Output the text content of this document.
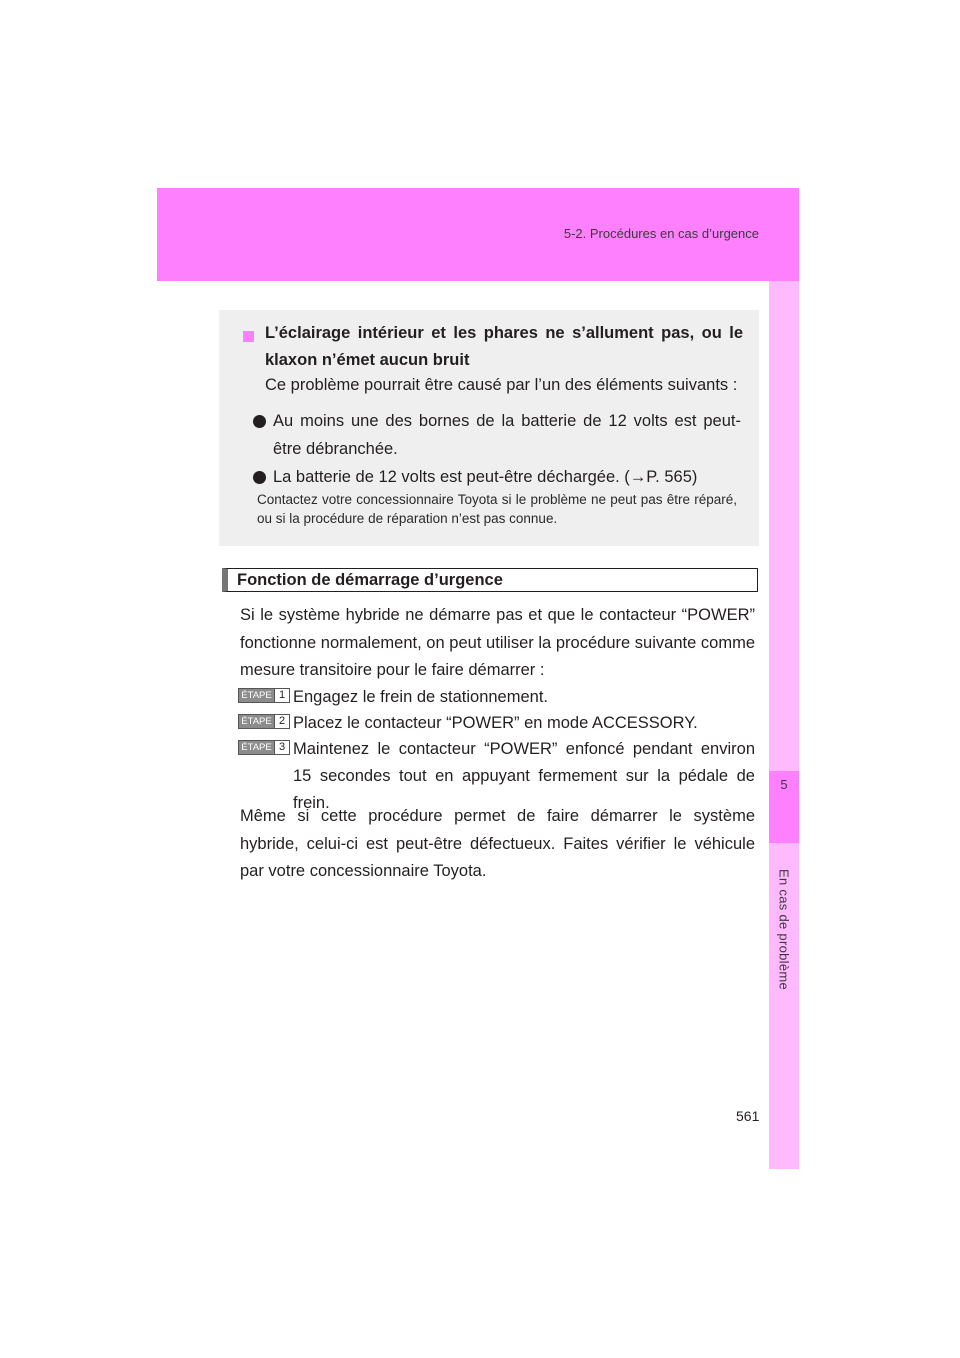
5-2. Procédures en cas d’urgence
5
En cas de problème
L’éclairage intérieur et les phares ne s’allument pas, ou le klaxon n’émet aucun bruit
Ce problème pourrait être causé par l’un des éléments suivants :
Au moins une des bornes de la batterie de 12 volts est peut-être débranchée.
La batterie de 12 volts est peut-être déchargée. (→P. 565)
Contactez votre concessionnaire Toyota si le problème ne peut pas être réparé, ou si la procédure de réparation n’est pas connue.
Fonction de démarrage d’urgence
Si le système hybride ne démarre pas et que le contacteur “POWER” fonctionne normalement, on peut utiliser la procédure suivante comme mesure transitoire pour le faire démarrer :
ÉTAPE 1 Engagez le frein de stationnement.
ÉTAPE 2 Placez le contacteur “POWER” en mode ACCESSORY.
ÉTAPE 3 Maintenez le contacteur “POWER” enfoncé pendant environ 15 secondes tout en appuyant fermement sur la pédale de frein.
Même si cette procédure permet de faire démarrer le système hybride, celui-ci est peut-être défectueux. Faites vérifier le véhicule par votre concessionnaire Toyota.
561
